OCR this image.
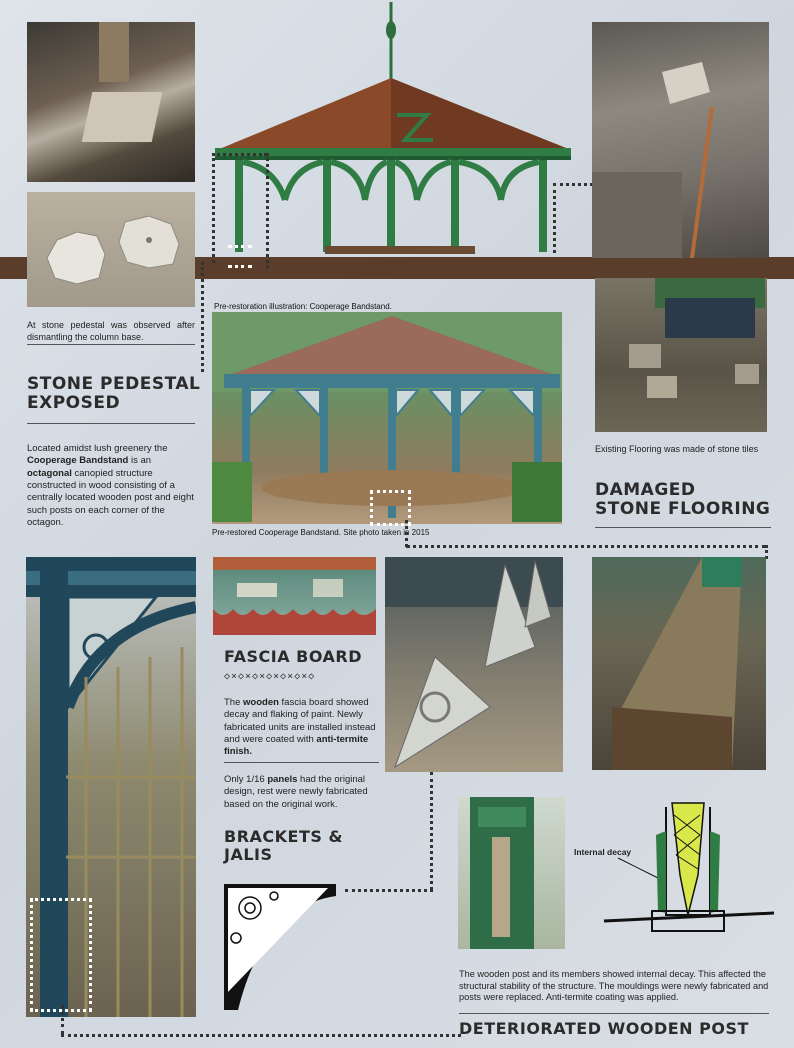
At stone pedestal was observed after dismantling the column base.
STONE PEDESTAL
EXPOSED
Located amidst lush greenery the Cooperage Bandstand is an octagonal canopied structure constructed in wood consisting of a centrally located wooden post and eight such posts on each corner of the octagon.
Pre-restoration illustration: Cooperage Bandstand.
Pre-restored Cooperage Bandstand. Site photo taken in 2015
Existing Flooring was made of stone tiles
DAMAGED
STONE FLOORING
FASCIA BOARD
◇×◇×◇×◇×◇×◇×◇
The wooden fascia board showed decay and flaking of paint. Newly fabricated units are installed instead and were coated with anti-termite finish.
Only 1/16 panels had the original design, rest were newly fabricated based on the original work.
BRACKETS &
JALIS	Internal decay
The wooden post and its members showed internal decay. This affected the structural stability of the structure. The mouldings were newly fabricated and posts were replaced. Anti-termite coating was applied.
DETERIORATED WOODEN POST
